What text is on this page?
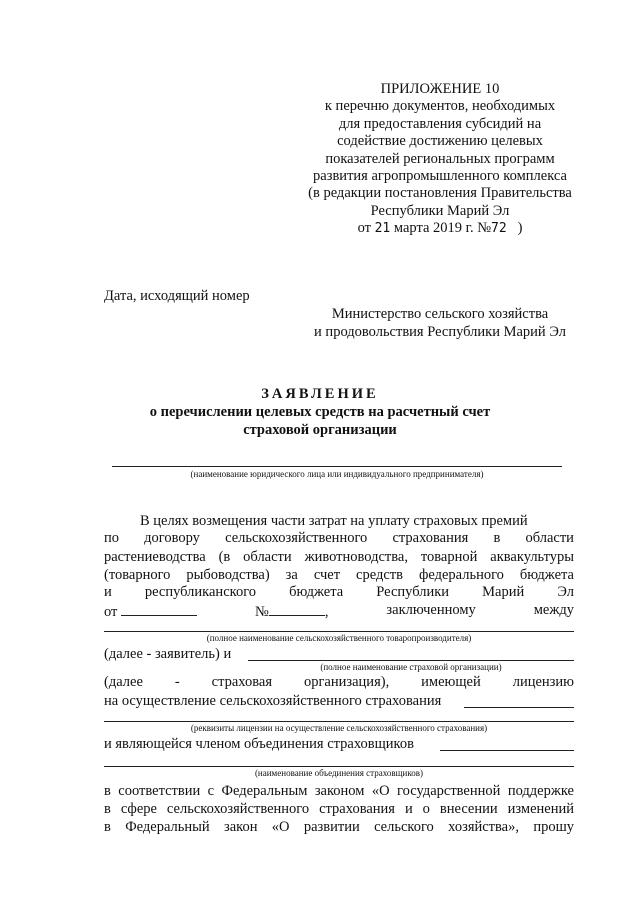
ПРИЛОЖЕНИЕ 10
к перечню документов, необходимых
для предоставления субсидий на
содействие достижению целевых
показателей региональных программ
развития агропромышленного комплекса
(в редакции постановления Правительства
Республики Марий Эл
от 21 марта 2019 г. №72 )
Дата, исходящий номер
Министерство сельского хозяйства
и продовольствия Республики Марий Эл
ЗАЯВЛЕНИЕ
о перечислении целевых средств на расчетный счет
страховой организации
(наименование юридического лица или индивидуального предпринимателя)
В целях возмещения части затрат на уплату страховых премий
по договору сельскохозяйственного страхования в области
растениеводства (в области животноводства, товарной аквакультуры
(товарного рыбоводства) за счет средств федерального бюджета
и республиканского бюджета Республики Марий Эл
от	№	,	заключенному	между
(полное наименование сельскохозяйственного товаропроизводителя)
(далее - заявитель) и
(полное наименование страховой организации)
(далее - страховая организация), имеющей лицензию
на осуществление сельскохозяйственного страхования
(реквизиты лицензии на осуществление сельскохозяйственного страхования)
и являющейся членом объединения страховщиков
(наименование объединения страховщиков)
в соответствии с Федеральным законом «О государственной поддержке
в сфере сельскохозяйственного страхования и о внесении изменений
в Федеральный закон «О развитии сельского хозяйства», прошу
